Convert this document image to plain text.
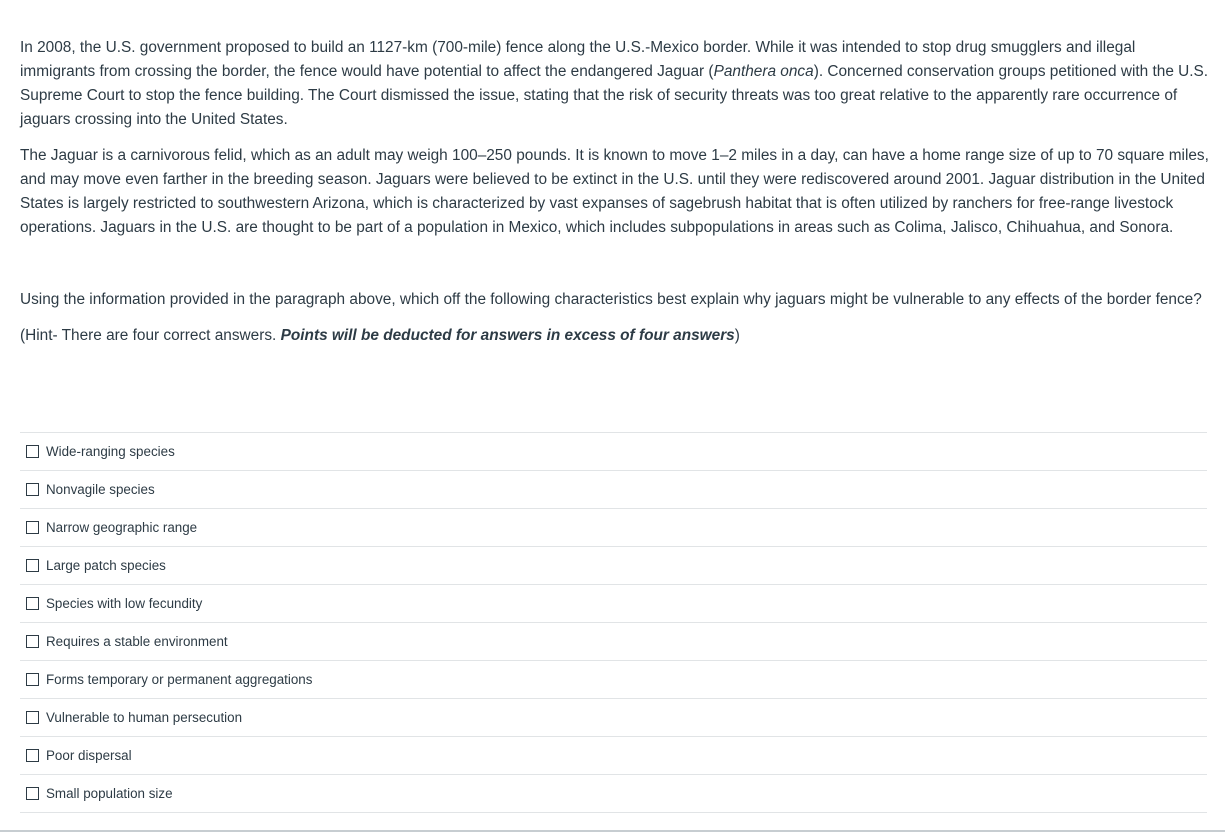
In 2008, the U.S. government proposed to build an 1127-km (700-mile) fence along the U.S.-Mexico border. While it was intended to stop drug smugglers and illegal immigrants from crossing the border, the fence would have potential to affect the endangered Jaguar (Panthera onca). Concerned conservation groups petitioned with the U.S. Supreme Court to stop the fence building. The Court dismissed the issue, stating that the risk of security threats was too great relative to the apparently rare occurrence of jaguars crossing into the United States.

The Jaguar is a carnivorous felid, which as an adult may weigh 100–250 pounds. It is known to move 1–2 miles in a day, can have a home range size of up to 70 square miles, and may move even farther in the breeding season. Jaguars were believed to be extinct in the U.S. until they were rediscovered around 2001. Jaguar distribution in the United States is largely restricted to southwestern Arizona, which is characterized by vast expanses of sagebrush habitat that is often utilized by ranchers for free-range livestock operations. Jaguars in the U.S. are thought to be part of a population in Mexico, which includes subpopulations in areas such as Colima, Jalisco, Chihuahua, and Sonora.

Using the information provided in the paragraph above, which off the following characteristics best explain why jaguars might be vulnerable to any effects of the border fence?

(Hint- There are four correct answers. Points will be deducted for answers in excess of four answers)

Wide-ranging species
Nonvagile species
Narrow geographic range
Large patch species
Species with low fecundity
Requires a stable environment
Forms temporary or permanent aggregations
Vulnerable to human persecution
Poor dispersal
Small population size
